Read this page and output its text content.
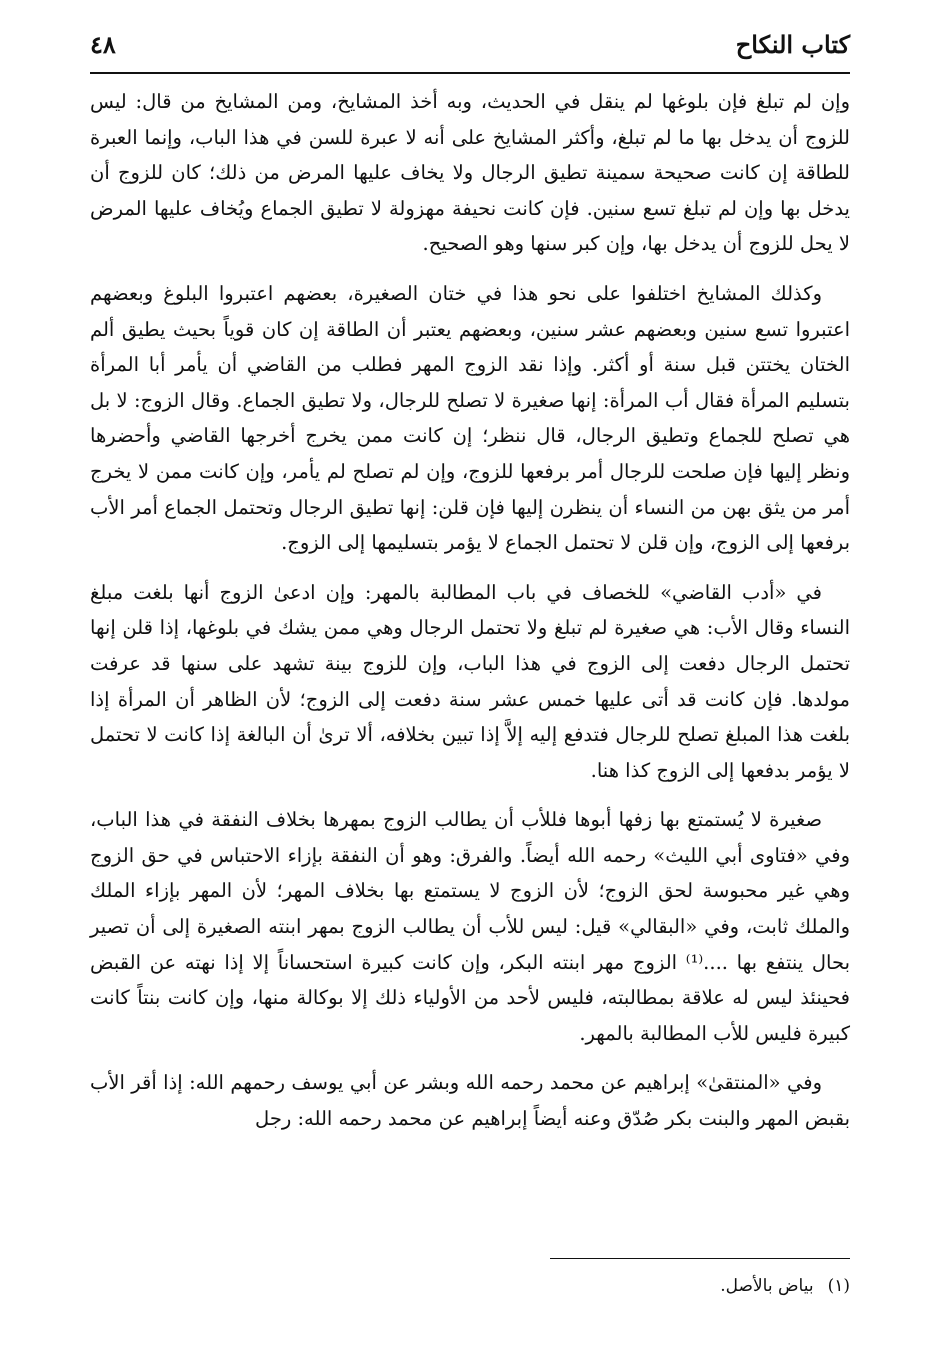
كتاب النكاح
٤٨

وإن لم تبلغ فإن بلوغها لم ينقل في الحديث، وبه أخذ المشايخ، ومن المشايخ من قال: ليس للزوج أن يدخل بها ما لم تبلغ، وأكثر المشايخ على أنه لا عبرة للسن في هذا الباب، وإنما العبرة للطاقة إن كانت صحيحة سمينة تطيق الرجال ولا يخاف عليها المرض من ذلك؛ كان للزوج أن يدخل بها وإن لم تبلغ تسع سنين. فإن كانت نحيفة مهزولة لا تطيق الجماع ويُخاف عليها المرض لا يحل للزوج أن يدخل بها، وإن كبر سنها وهو الصحيح.

وكذلك المشايخ اختلفوا على نحو هذا في ختان الصغيرة، بعضهم اعتبروا البلوغ وبعضهم اعتبروا تسع سنين وبعضهم عشر سنين، وبعضهم يعتبر أن الطاقة إن كان قوياً بحيث يطيق ألم الختان يختتن قبل سنة أو أكثر. وإذا نقد الزوج المهر فطلب من القاضي أن يأمر أبا المرأة بتسليم المرأة فقال أب المرأة: إنها صغيرة لا تصلح للرجال، ولا تطيق الجماع. وقال الزوج: لا بل هي تصلح للجماع وتطيق الرجال، قال ننظر؛ إن كانت ممن يخرج أخرجها القاضي وأحضرها ونظر إليها فإن صلحت للرجال أمر برفعها للزوج، وإن لم تصلح لم يأمر، وإن كانت ممن لا يخرج أمر من يثق بهن من النساء أن ينظرن إليها فإن قلن: إنها تطيق الرجال وتحتمل الجماع أمر الأب برفعها إلى الزوج، وإن قلن لا تحتمل الجماع لا يؤمر بتسليمها إلى الزوج.

في «أدب القاضي» للخصاف في باب المطالبة بالمهر: وإن ادعىٰ الزوج أنها بلغت مبلغ النساء وقال الأب: هي صغيرة لم تبلغ ولا تحتمل الرجال وهي ممن يشك في بلوغها، إذا قلن إنها تحتمل الرجال دفعت إلى الزوج في هذا الباب، وإن للزوج بينة تشهد على سنها قد عرفت مولدها. فإن كانت قد أتى عليها خمس عشر سنة دفعت إلى الزوج؛ لأن الظاهر أن المرأة إذا بلغت هذا المبلغ تصلح للرجال فتدفع إليه إلاَّ إذا تبين بخلافه، ألا ترىٰ أن البالغة إذا كانت لا تحتمل لا يؤمر بدفعها إلى الزوج كذا هنا.

صغيرة لا يُستمتع بها زفها أبوها فللأب أن يطالب الزوج بمهرها بخلاف النفقة في هذا الباب، وفي «فتاوى أبي الليث» رحمه الله أيضاً. والفرق: وهو أن النفقة بإزاء الاحتباس في حق الزوج وهي غير محبوسة لحق الزوج؛ لأن الزوج لا يستمتع بها بخلاف المهر؛ لأن المهر بإزاء الملك والملك ثابت، وفي «البقالي» قيل: ليس للأب أن يطالب الزوج بمهر ابنته الصغيرة إلى أن تصير بحال ينتفع بها ....⁽¹⁾ الزوج مهر ابنته البكر، وإن كانت كبيرة استحساناً إلا إذا نهته عن القبض فحينئذ ليس له علاقة بمطالبته، فليس لأحد من الأولياء ذلك إلا بوكالة منها، وإن كانت بنتاً كانت كبيرة فليس للأب المطالبة بالمهر.

وفي «المنتقىٰ» إبراهيم عن محمد رحمه الله وبشر عن أبي يوسف رحمهم الله: إذا أقر الأب بقبض المهر والبنت بكر صُدّق وعنه أيضاً إبراهيم عن محمد رحمه الله: رجل

(١)بياض بالأصل.
